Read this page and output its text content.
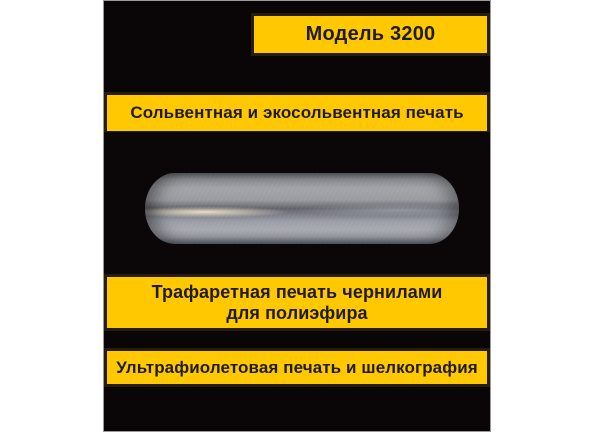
Модель 3200
Сольвентная и экосольвентная печать
Трафаретная печать чернилами
для полиэфира
Ультрафиолетовая печать и шелкография
